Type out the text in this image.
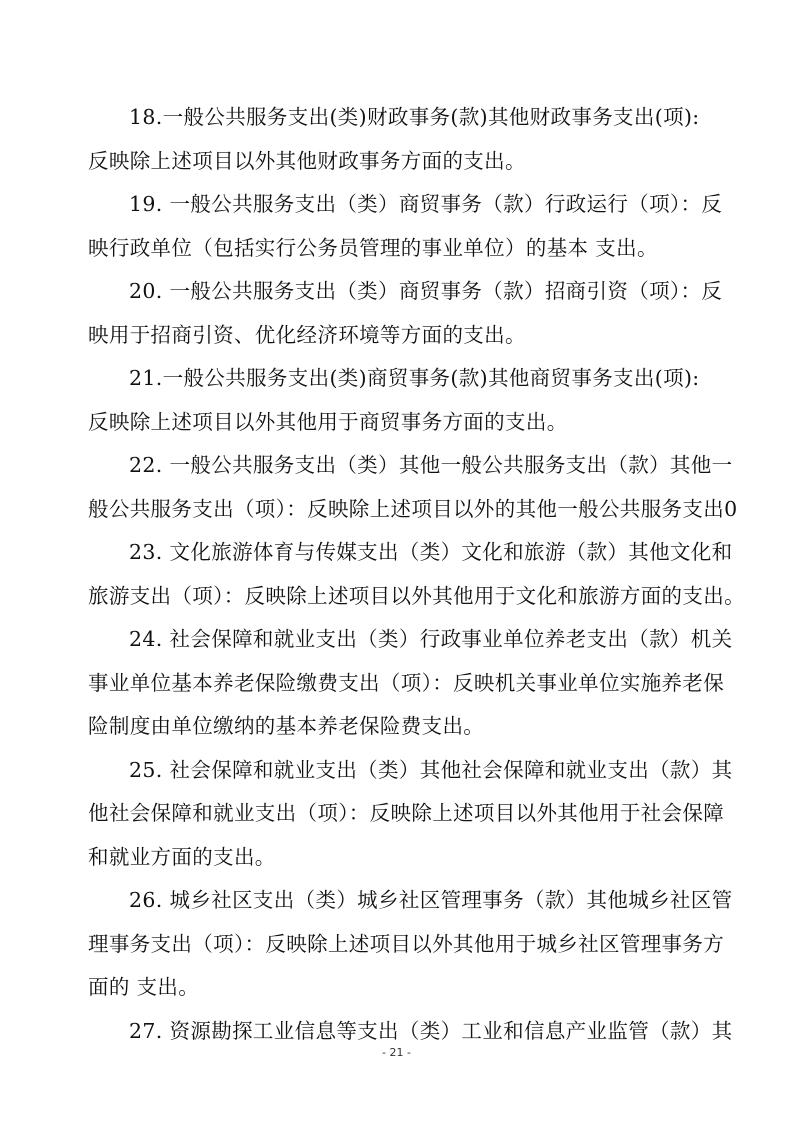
18.一般公共服务支出(类)财政事务(款)其他财政事务支出(项):
反映除上述项目以外其他财政事务方面的支出。

19. 一般公共服务支出（类）商贸事务（款）行政运行（项）：反
映行政单位（包括实行公务员管理的事业单位）的基本 支出。

20. 一般公共服务支出（类）商贸事务（款）招商引资（项）：反
映用于招商引资、优化经济环境等方面的支出。

21.一般公共服务支出(类)商贸事务(款)其他商贸事务支出(项):
反映除上述项目以外其他用于商贸事务方面的支出。

22. 一般公共服务支出（类）其他一般公共服务支出（款）其他一
般公共服务支出（项）：反映除上述项目以外的其他一般公共服务支出0

23. 文化旅游体育与传媒支出（类）文化和旅游（款）其他文化和
旅游支出（项）：反映除上述项目以外其他用于文化和旅游方面的支出。

24. 社会保障和就业支出（类）行政事业单位养老支出（款）机关
事业单位基本养老保险缴费支出（项）：反映机关事业单位实施养老保
险制度由单位缴纳的基本养老保险费支出。

25. 社会保障和就业支出（类）其他社会保障和就业支出（款）其
他社会保障和就业支出（项）：反映除上述项目以外其他用于社会保障
和就业方面的支出。

26. 城乡社区支出（类）城乡社区管理事务（款）其他城乡社区管
理事务支出（项）：反映除上述项目以外其他用于城乡社区管理事务方
面的 支出。

27. 资源勘探工业信息等支出（类）工业和信息产业监管（款）其

- 21 -
